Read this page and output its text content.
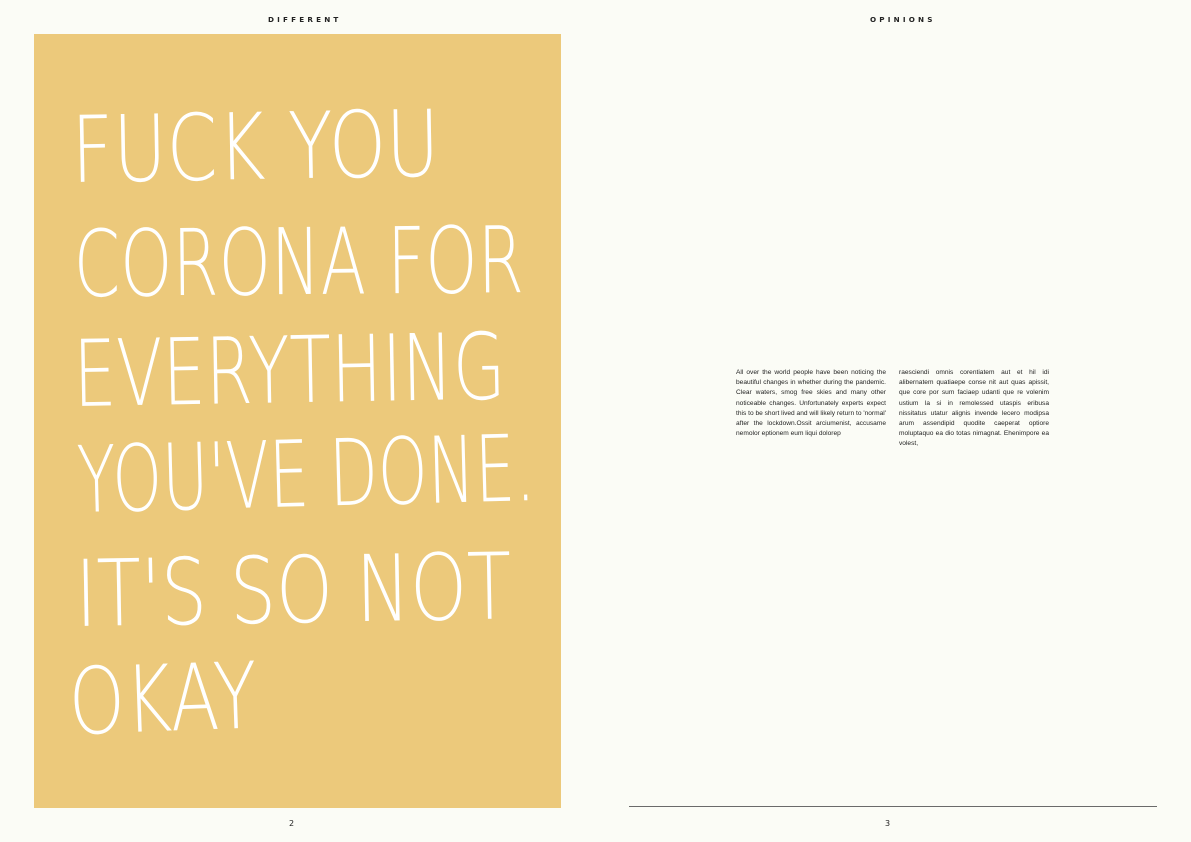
DIFFERENT
FUCK YOU
CORONA FOR
EVERYTHING
YOU'VE DONE.
IT'S SO NOT
OKAY
2
OPINIONS

All over the world people have been noticing the beautiful changes in whether during the pandemic. Clear waters, smog free skies and many other noticeable changes. Unfortunately experts expect this to be short lived and will likely return to 'normal' after the lockdown.Ossit arciumenist, accusame nemolor eptionem eum liqui dolorep

raesciendi omnis corentiatem aut et hil idi alibernatem quatiaepe conse nit aut quas apissit, que core por sum faciaep udanti que re volenim ustium la si in remolessed utaspis eribusa nissitatus utatur alignis invende lecero modipsa arum assendipid quodite caeperat optiore moluptaquo ea dio totas nimagnat. Ehenimpore ea volest,

3
